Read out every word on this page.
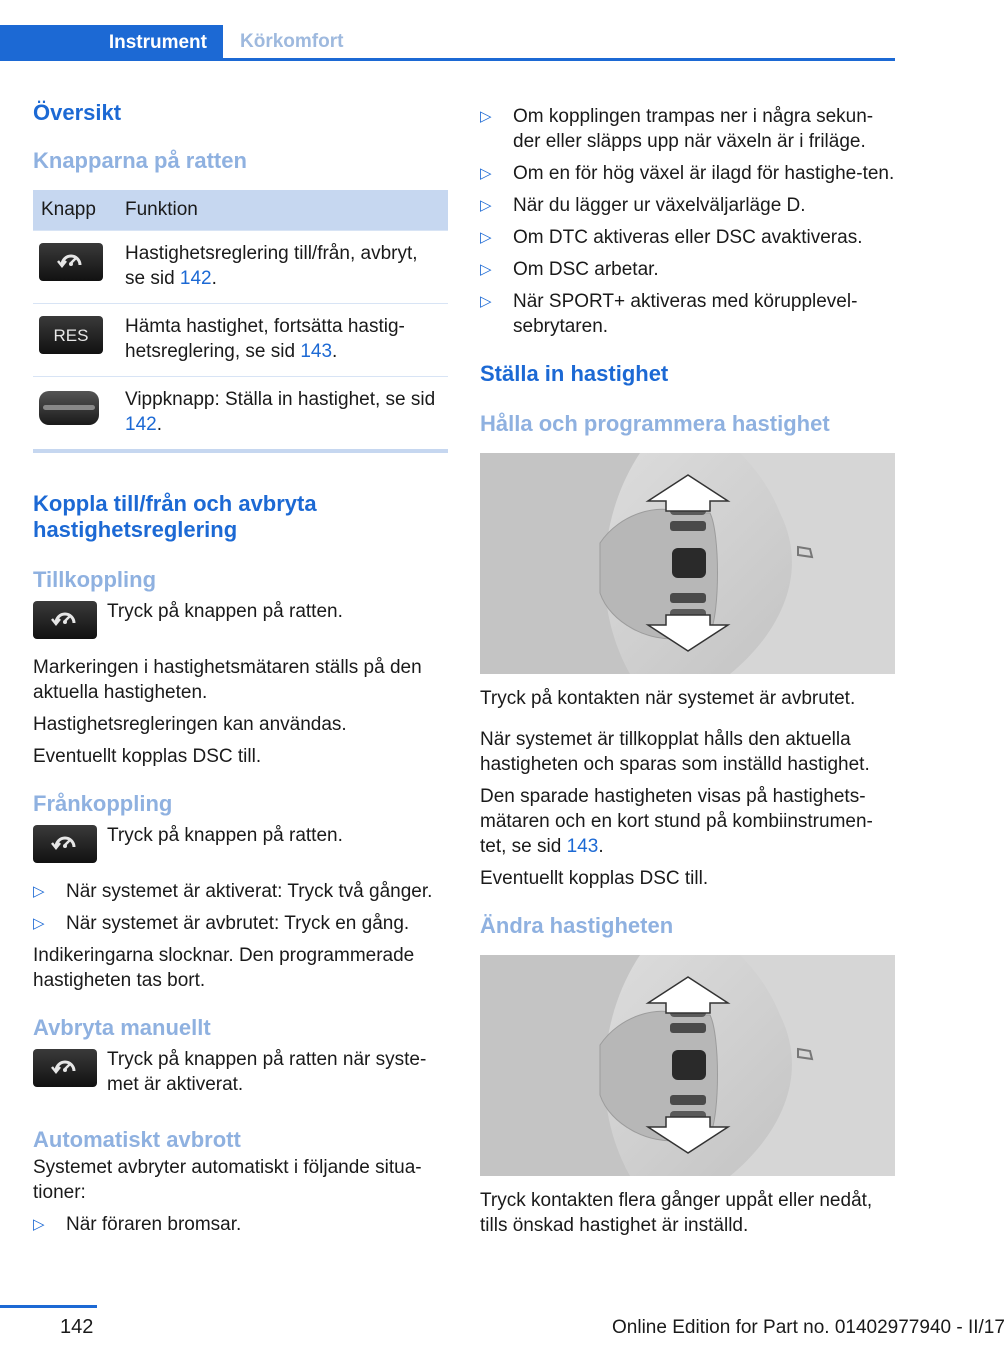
Instrument	Körkomfort
Översikt
Knapparna på ratten
Knapp	Funktion

	Hastighetsreglering till/från, avbryt, se sid 142.

RES	Hämta hastighet, fortsätta hastig-hetsreglering, se sid 143.

	Vippknapp: Ställa in hastighet, se sid 142.
Koppla till/från och avbryta hastighetsreglering
Tillkoppling
Tryck på knappen på ratten.

Markeringen i hastighetsmätaren ställs på den aktuella hastigheten.

Hastighetsregleringen kan användas.

Eventuellt kopplas DSC till.

Frånkoppling
Tryck på knappen på ratten.
▷ När systemet är aktiverat: Tryck två gånger.
▷ När systemet är avbrutet: Tryck en gång.

Indikeringarna slocknar. Den programmerade hastigheten tas bort.

Avbryta manuellt
Tryck på knappen på ratten när syste-met är aktiverat.
Automatiskt avbrott

Systemet avbryter automatiskt i följande situa-tioner:

▷ När föraren bromsar.
▷ Om kopplingen trampas ner i några sekun-der eller släpps upp när växeln är i friläge.
▷ Om en för hög växel är ilagd för hastighe-ten.
▷ När du lägger ur växelväljarläge D.
▷ Om DTC aktiveras eller DSC avaktiveras.
▷ Om DSC arbetar.
▷ När SPORT+ aktiveras med körupplevel-sebrytaren.
Ställa in hastighet
Hålla och programmera hastighet

Tryck på kontakten när systemet är avbrutet.

När systemet är tillkopplat hålls den aktuella hastigheten och sparas som inställd hastighet.

Den sparade hastigheten visas på hastighets-mätaren och en kort stund på kombiinstrumen-tet, se sid 143.

Eventuellt kopplas DSC till.

Ändra hastigheten

Tryck kontakten flera gånger uppåt eller nedåt, tills önskad hastighet är inställd.

142	Online Edition for Part no. 01402977940 - II/17
